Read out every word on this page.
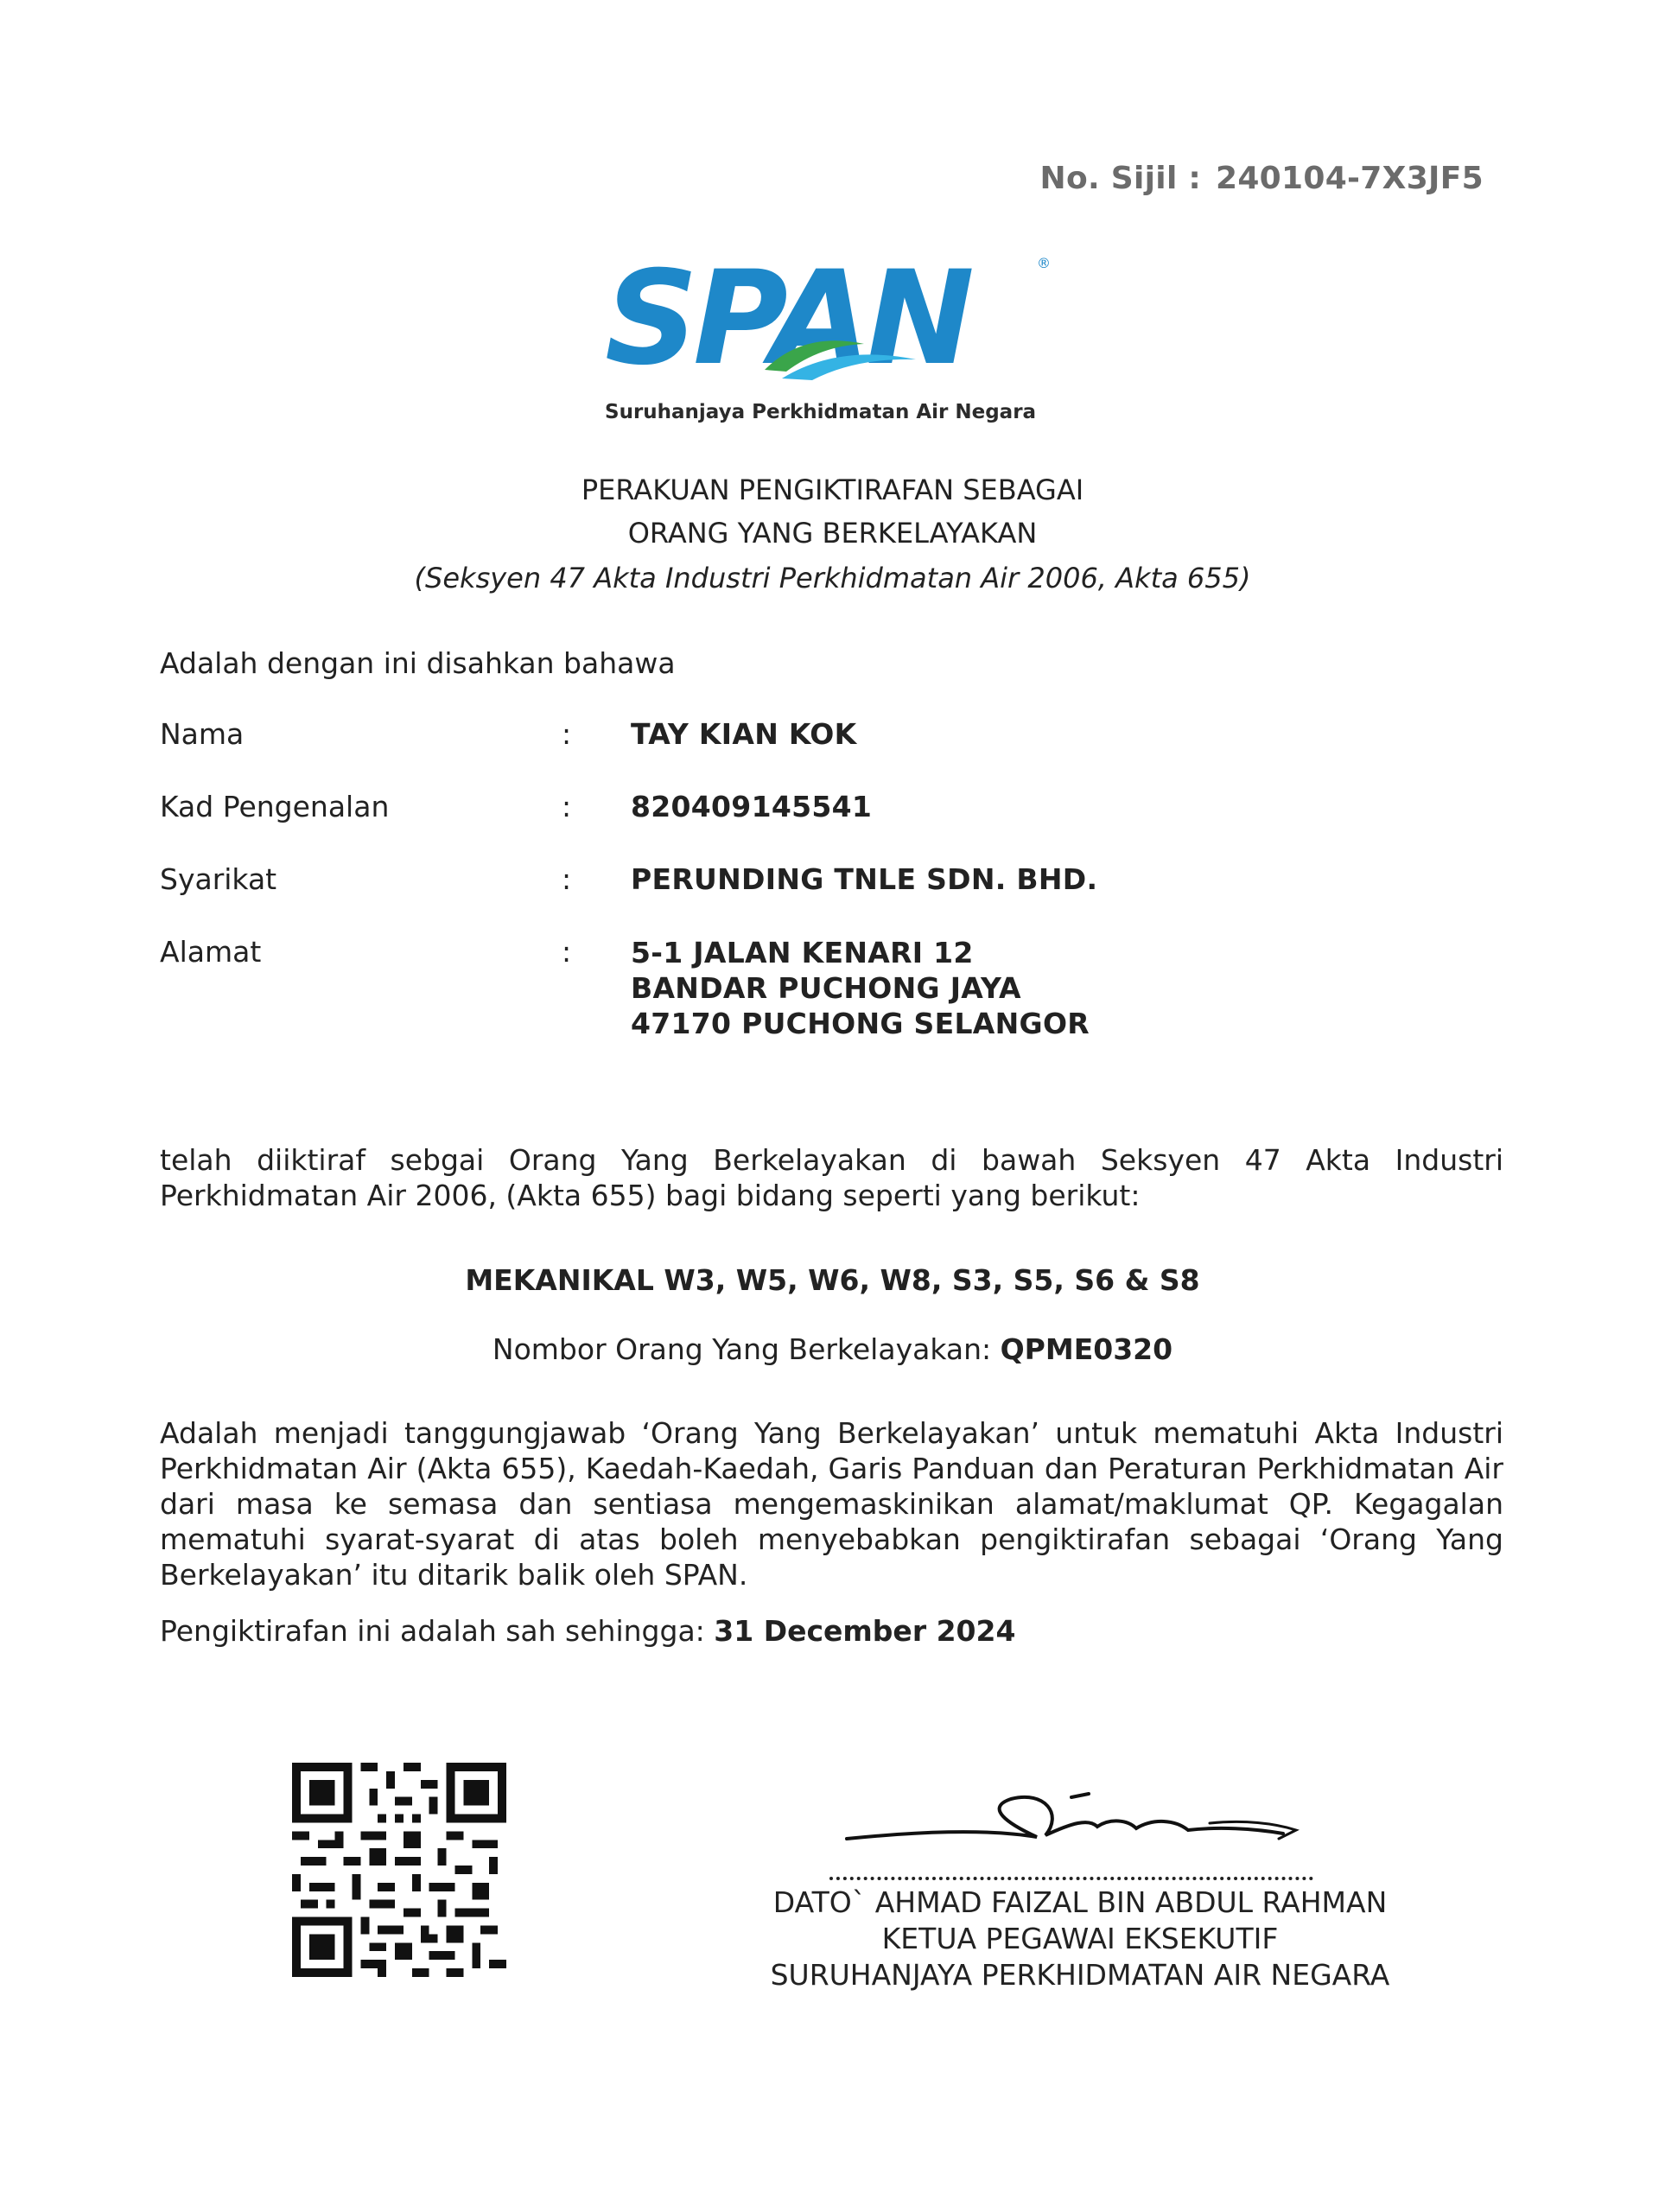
No. Sijil : 240104-7X3JF5
SPAN	®
Suruhanjaya Perkhidmatan Air Negara
PERAKUAN PENGIKTIRAFAN SEBAGAI
ORANG YANG BERKELAYAKAN
(Seksyen 47 Akta Industri Perkhidmatan Air 2006, Akta 655)
Adalah dengan ini disahkan bahawa
Nama	: TAY KIAN KOK
Kad Pengenalan	: 820409145541
Syarikat	: PERUNDING TNLE SDN. BHD.
Alamat	: 5-1 JALAN KENARI 12
BANDAR PUCHONG JAYA
47170 PUCHONG SELANGOR
telah diiktiraf sebgai Orang Yang Berkelayakan di bawah Seksyen 47 Akta Industri Perkhidmatan Air 2006, (Akta 655) bagi bidang seperti yang berikut:
MEKANIKAL W3, W5, W6, W8, S3, S5, S6 & S8
Nombor Orang Yang Berkelayakan: QPME0320
Adalah menjadi tanggungjawab ‘Orang Yang Berkelayakan’ untuk mematuhi Akta Industri Perkhidmatan Air (Akta 655), Kaedah-Kaedah, Garis Panduan dan Peraturan Perkhidmatan Air dari masa ke semasa dan sentiasa mengemaskinikan alamat/maklumat QP. Kegagalan mematuhi syarat-syarat di atas boleh menyebabkan pengiktirafan sebagai ‘Orang Yang Berkelayakan’ itu ditarik balik oleh SPAN.
Pengiktirafan ini adalah sah sehingga: 31 December 2024
DATO` AHMAD FAIZAL BIN ABDUL RAHMAN
KETUA PEGAWAI EKSEKUTIF
SURUHANJAYA PERKHIDMATAN AIR NEGARA
